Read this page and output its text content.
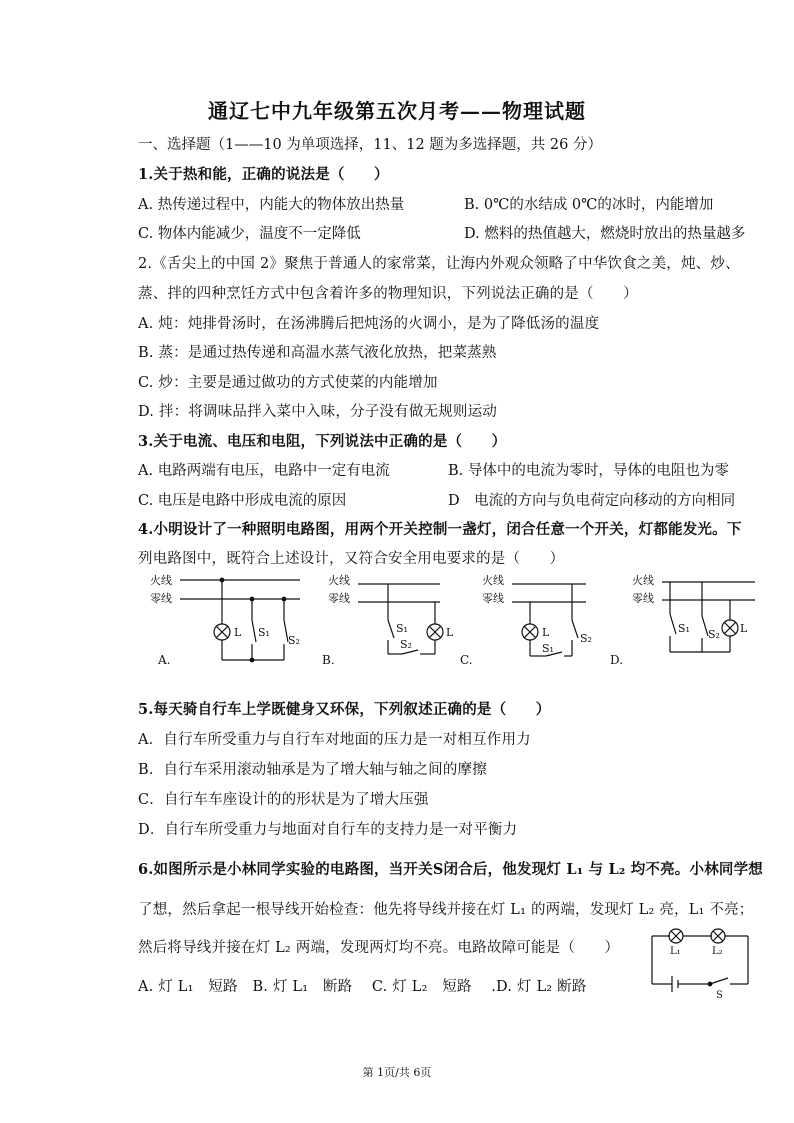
通辽七中九年级第五次月考——物理试题
一、选择题（1——10 为单项选择，11、12 题为多选择题，共 26 分）
1.关于热和能，正确的说法是（　　）
A. 热传递过程中，内能大的物体放出热量	B. 0℃的水结成 0℃的冰时，内能增加
C. 物体内能减少，温度不一定降低	D. 燃料的热值越大，燃烧时放出的热量越多
2.《舌尖上的中国 2》聚焦于普通人的家常菜，让海内外观众领略了中华饮食之美，炖、炒、
蒸、拌的四种烹饪方式中包含着许多的物理知识，下列说法正确的是（　　）
A. 炖：炖排骨汤时，在汤沸腾后把炖汤的火调小，是为了降低汤的温度
B. 蒸：是通过热传递和高温水蒸气液化放热，把菜蒸熟
C. 炒：主要是通过做功的方式使菜的内能增加
D. 拌：将调味品拌入菜中入味，分子没有做无规则运动
3.关于电流、电压和电阻，下列说法中正确的是（　　）
A. 电路两端有电压，电路中一定有电流	B. 导体中的电流为零时，导体的电阻也为零
C. 电压是电路中形成电流的原因	D　电流的方向与负电荷定向移动的方向相同
4.小明设计了一种照明电路图，用两个开关控制一盏灯，闭合任意一个开关，灯都能发光。下
列电路图中，既符合上述设计，又符合安全用电要求的是（　　）
火线
零线
L S₁
S₂
A.
火线
零线
S₁
S₂
L
B.
火线
零线
L
S₁
S₂
C.
火线
零线
S₁ S₂ L
D.
5.每天骑自行车上学既健身又环保，下列叙述正确的是（　　）
A．自行车所受重力与自行车对地面的压力是一对相互作用力
B．自行车采用滚动轴承是为了增大轴与轴之间的摩擦
C．自行车车座设计的的形状是为了增大压强
D．自行车所受重力与地面对自行车的支持力是一对平衡力
6.如图所示是小林同学实验的电路图，当开关S闭合后，他发现灯 L₁ 与 L₂ 均不亮。小林同学想
了想，然后拿起一根导线开始检查：他先将导线并接在灯 L₁ 的两端，发现灯 L₂ 亮，L₁ 不亮；
然后将导线并接在灯 L₂ 两端，发现两灯均不亮。电路故障可能是（　　）
A. 灯 L₁　短路　B. 灯 L₁　断路　 C. 灯 L₂　短路　 .D. 灯 L₂ 断路
L₁	L₂
S
第 1页/共 6页
